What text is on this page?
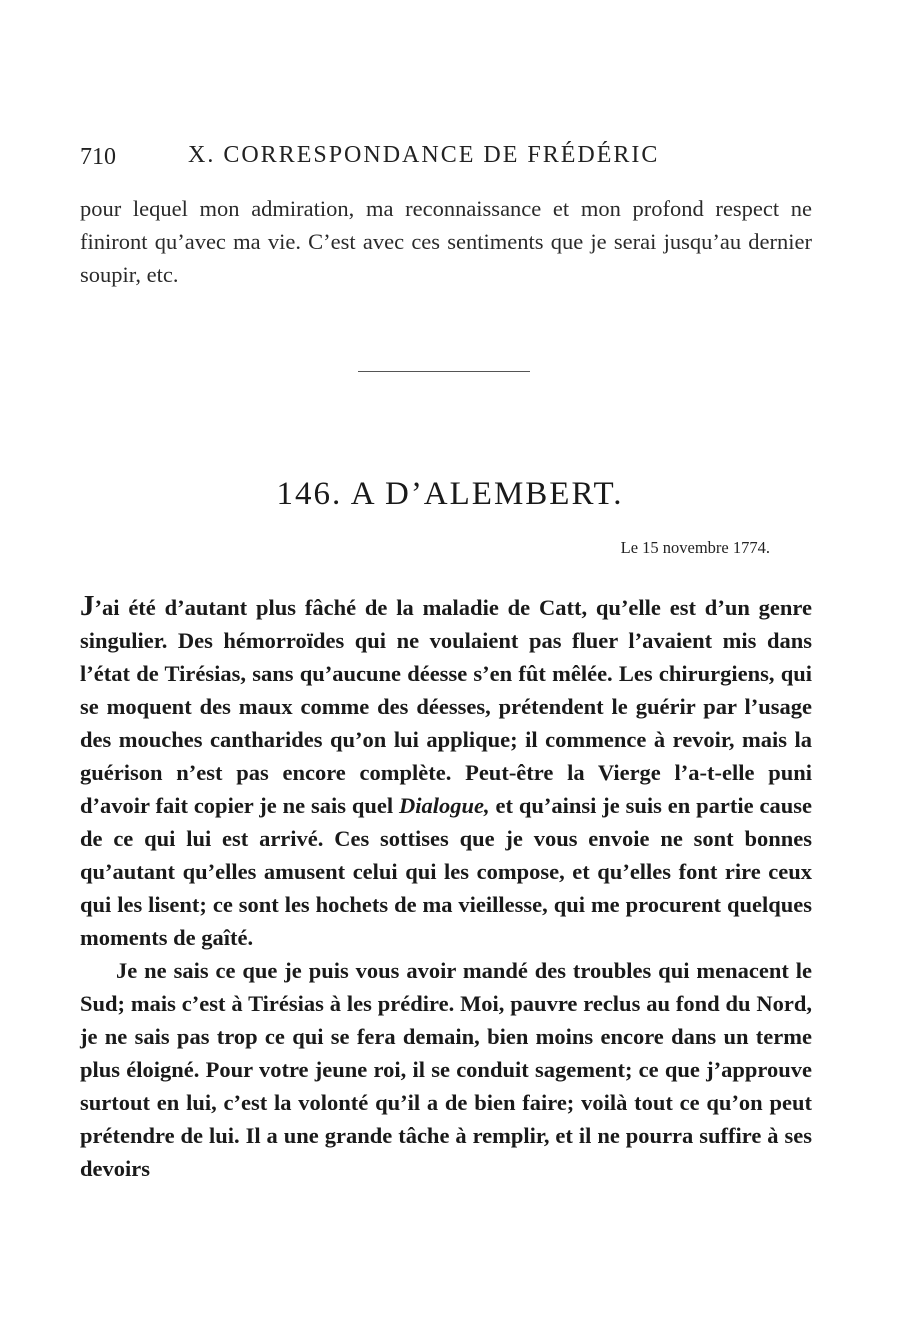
710	X. CORRESPONDANCE DE FRÉDÉRIC

pour lequel mon admiration, ma reconnaissance et mon profond respect ne finiront qu’avec ma vie. C’est avec ces sentiments que je serai jusqu’au dernier soupir, etc.

146. A D’ALEMBERT.
Le 15 novembre 1774.

J’ai été d’autant plus fâché de la maladie de Catt, qu’elle est d’un genre singulier. Des hémorroïdes qui ne voulaient pas fluer l’avaient mis dans l’état de Tirésias, sans qu’aucune déesse s’en fût mêlée. Les chirurgiens, qui se moquent des maux comme des déesses, prétendent le guérir par l’usage des mouches cantharides qu’on lui applique; il commence à revoir, mais la guérison n’est pas encore complète. Peut-être la Vierge l’a-t-elle puni d’avoir fait copier je ne sais quel Dialogue, et qu’ainsi je suis en partie cause de ce qui lui est arrivé. Ces sottises que je vous envoie ne sont bonnes qu’autant qu’elles amusent celui qui les compose, et qu’elles font rire ceux qui les lisent; ce sont les hochets de ma vieillesse, qui me procurent quelques moments de gaîté.

Je ne sais ce que je puis vous avoir mandé des troubles qui menacent le Sud; mais c’est à Tirésias à les prédire. Moi, pauvre reclus au fond du Nord, je ne sais pas trop ce qui se fera demain, bien moins encore dans un terme plus éloigné. Pour votre jeune roi, il se conduit sagement; ce que j’approuve surtout en lui, c’est la volonté qu’il a de bien faire; voilà tout ce qu’on peut prétendre de lui. Il a une grande tâche à remplir, et il ne pourra suffire à ses devoirs
